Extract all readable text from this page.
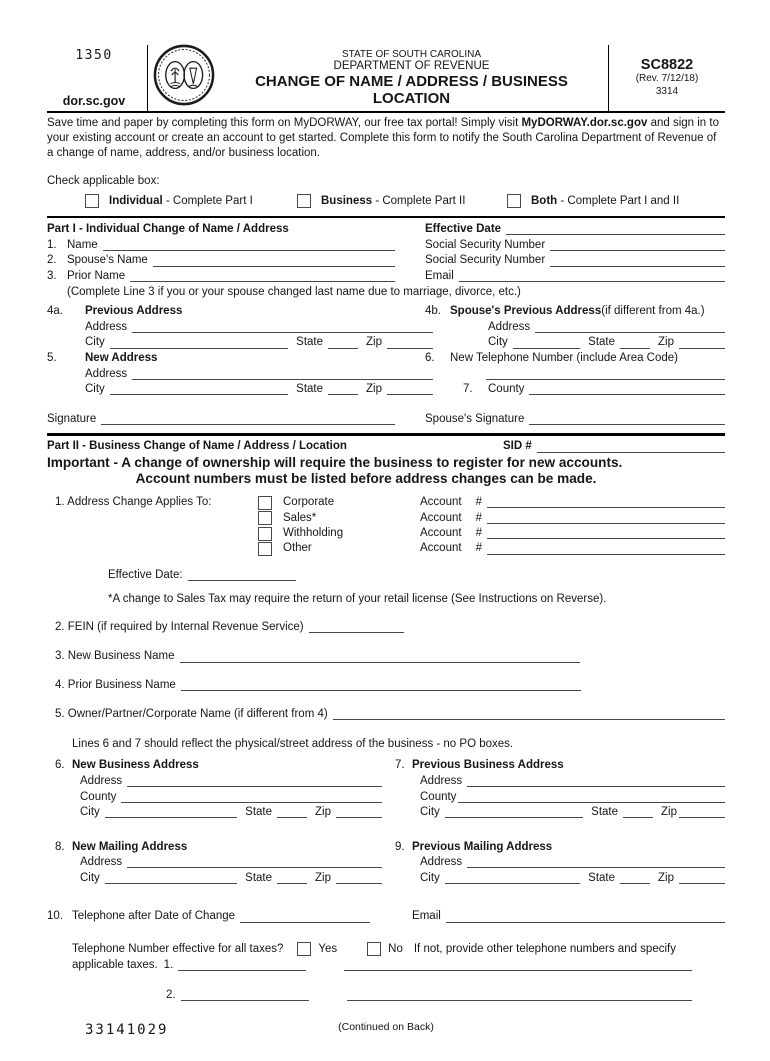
1350
dor.sc.gov
STATE OF SOUTH CAROLINA
DEPARTMENT OF REVENUE
CHANGE OF NAME / ADDRESS / BUSINESS
LOCATION
SC8822
(Rev. 7/12/18)
3314

Save time and paper by completing this form on MyDORWAY, our free tax portal! Simply visit MyDORWAY.dor.sc.gov and sign in to your existing account or create an account to get started. Complete this form to notify the South Carolina Department of Revenue of a change of name, address, and/or business location.

Check applicable box:
Individual - Complete Part I	Business - Complete Part II	Both - Complete Part I and II
Part I - Individual Change of Name / Address	Effective Date
1. Name	Social Security Number
2. Spouse's Name	Social Security Number
3. Prior Name	Email
(Complete Line 3 if you or your spouse changed last name due to marriage, divorce, etc.)
4a.	Previous Address	4b. Spouse's Previous Address (if different from 4a.)
Address	Address
City	State	Zip	City	State	Zip
5.	New Address	6.	New Telephone Number (include Area Code)
Address
City	State	Zip	7.	County
Signature	Spouse's Signature
Part II - Business Change of Name / Address / Location	SID #
Important - A change of ownership will require the business to register for new accounts.
Account numbers must be listed before address changes can be made.
1. Address Change Applies To:	Corporate	Account #
Sales*	Account #
Withholding	Account #
Other	Account #
Effective Date:
*A change to Sales Tax may require the return of your retail license (See Instructions on Reverse).
2. FEIN (if required by Internal Revenue Service)
3. New Business Name
4. Prior Business Name
5. Owner/Partner/Corporate Name (if different from 4)
Lines 6 and 7 should reflect the physical/street address of the business - no PO boxes.
6. New Business Address
Address
County
City	State	Zip
7. Previous Business Address
Address
County
City	State	Zip
8. New Mailing Address
Address
City	State	Zip
9. Previous Mailing Address
Address
City	State	Zip
10. Telephone after Date of Change	Email
Telephone Number effective for all taxes?	Yes	No If not, provide other telephone numbers and specify
applicable taxes. 1.
2.
(Continued on Back)
33141029
